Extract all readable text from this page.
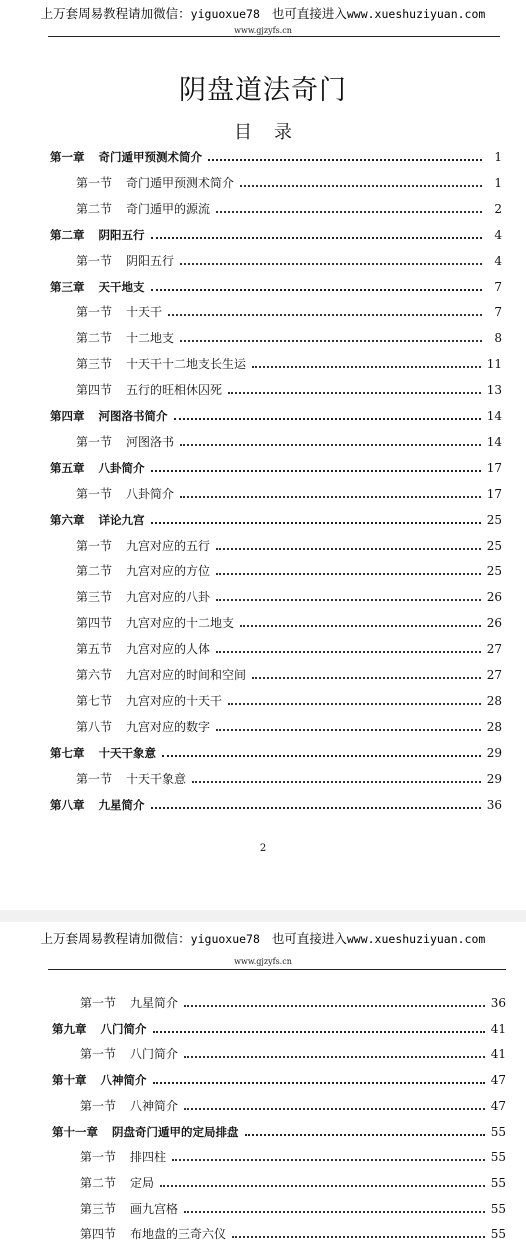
上万套周易教程请加微信：yiguoxue78 也可直接进入www.xueshuziyuan.com
www.gjzyfs.cn
阴盘道法奇门
目录
第一章 奇门遁甲预测术简介	1
第一节 奇门遁甲预测术简介	1
第二节 奇门遁甲的源流	2
第二章 阴阳五行	4
第一节 阴阳五行	4
第三章 天干地支	7
第一节 十天干	7
第二节 十二地支	8
第三节 十天干十二地支长生运	11
第四节 五行的旺相休囚死	13
第四章 河图洛书简介	14
第一节 河图洛书	14
第五章 八卦简介	17
第一节 八卦简介	17
第六章 详论九宫	25
第一节 九宫对应的五行	25
第二节 九宫对应的方位	25
第三节 九宫对应的八卦	26
第四节 九宫对应的十二地支	26
第五节 九宫对应的人体	27
第六节 九宫对应的时间和空间	27
第七节 九宫对应的十天干	28
第八节 九宫对应的数字	28
第七章 十天干象意	29
第一节 十天干象意	29
第八章 九星简介	36
2
上万套周易教程请加微信：yiguoxue78 也可直接进入www.xueshuziyuan.com
www.gjzyfs.cn
第一节 九星简介	36
第九章 八门简介	41
第一节 八门简介	41
第十章 八神简介	47
第一节 八神简介	47
第十一章 阴盘奇门遁甲的定局排盘	55
第一节 排四柱	55
第二节 定局	55
第三节 画九宫格	55
第四节 布地盘的三奇六仪	55
